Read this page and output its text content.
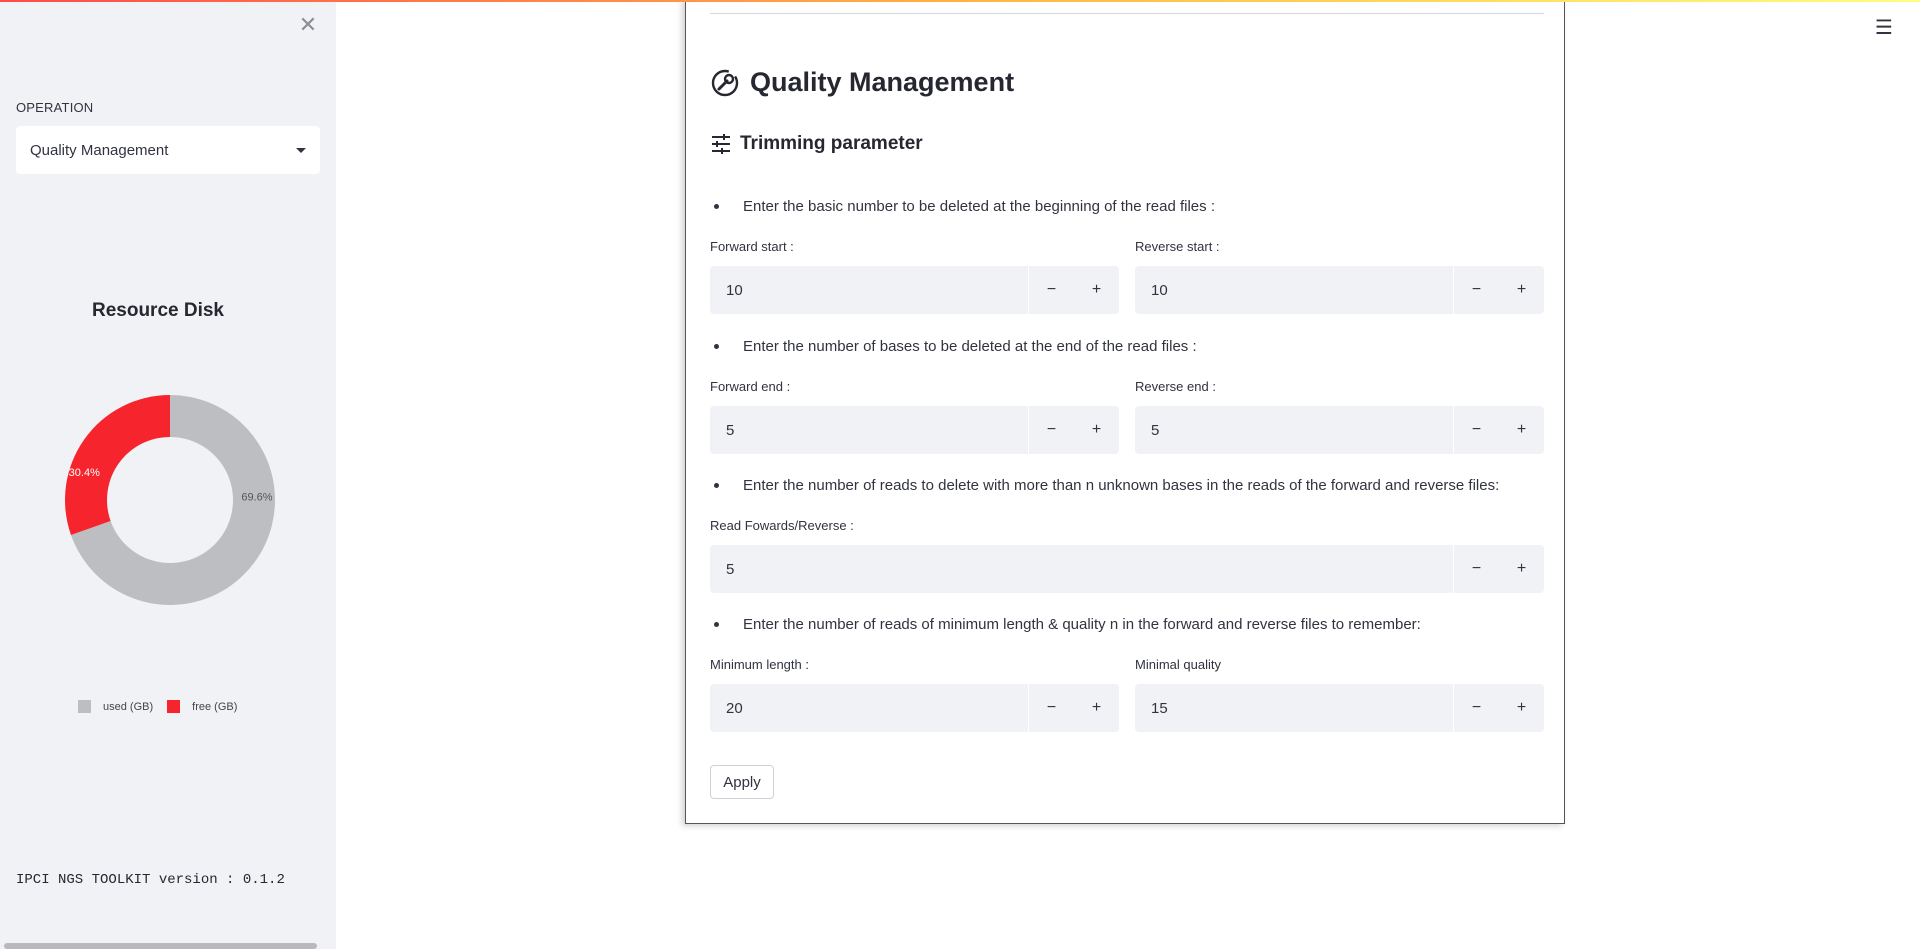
✕
OPERATION
Quality Management
Resource Disk
69.6%
30.4%
used (GB)	free (GB)
IPCI NGS TOOLKIT version : 0.1.2
☰
Quality Management
Trimming parameter
Enter the basic number to be deleted at the beginning of the read files :
Forward start :
10	−	+
Reverse start :
10	−	+
Enter the number of bases to be deleted at the end of the read files :
Forward end :
5	−	+
Reverse end :
5	−	+
Enter the number of reads to delete with more than n unknown bases in the reads of the forward and reverse files:
Read Fowards/Reverse :
5	−	+
Enter the number of reads of minimum length & quality n in the forward and reverse files to remember:
Minimum length :
20	−	+
Minimal quality
15	−	+
Apply
